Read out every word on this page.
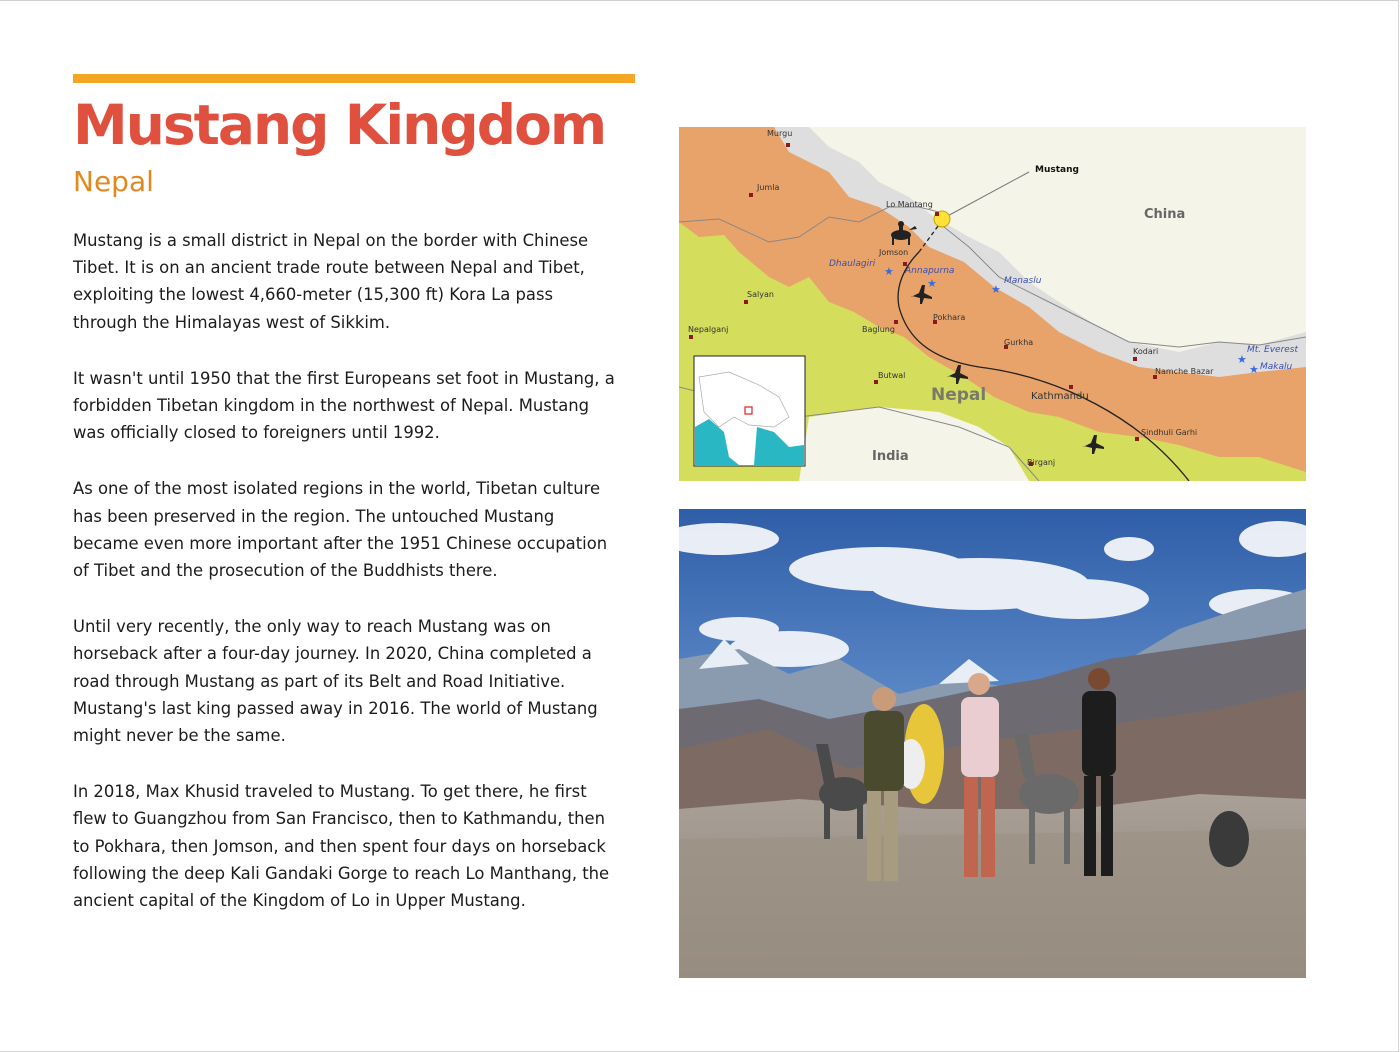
Mustang Kingdom
Nepal

Mustang is a small district in Nepal on the border with Chinese Tibet. It is on an ancient trade route between Nepal and Tibet, exploiting the lowest 4,660-meter (15,300 ft) Kora La pass through the Himalayas west of Sikkim.

It wasn't until 1950 that the first Europeans set foot in Mustang, a forbidden Tibetan kingdom in the northwest of Nepal. Mustang was officially closed to foreigners until 1992.

As one of the most isolated regions in the world, Tibetan culture has been preserved in the region. The untouched Mustang became even more important after the 1951 Chinese occupation of Tibet and the prosecution of the Buddhists there.

Until very recently, the only way to reach Mustang was on horseback after a four-day journey. In 2020, China completed a road through Mustang as part of its Belt and Road Initiative. Mustang's last king passed away in 2016. The world of Mustang might never be the same.

In 2018, Max Khusid traveled to Mustang. To get there, he first flew to Guangzhou from San Francisco, then to Kathmandu, then to Pokhara, then Jomson, and then spent four days on horseback following the deep Kali Gandaki Gorge to reach Lo Manthang, the ancient capital of the Kingdom of Lo in Upper Mustang.

★
★	★
★
★
China
Nepal
India
Mustang
Dhaulagiri
Annapurna
Manaslu
Mt. Everest
Makalu
Murgu
Jumla
Lo Mantang
Jomson
Salyan
Nepalganj	Baglung
Pokhara
Gurkha
Butwal
Kathmandu
Kodari
Namche Bazar
Sindhuli Garhi
Birganj
